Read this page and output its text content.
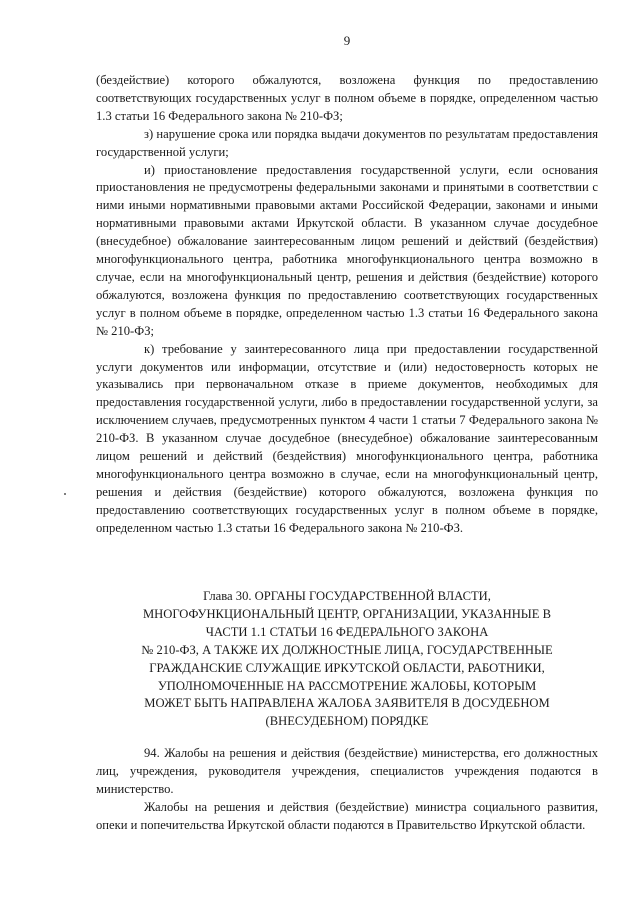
9

(бездействие) которого обжалуются, возложена функция по предоставлению соответствующих государственных услуг в полном объеме в порядке, определенном частью 1.3 статьи 16 Федерального закона № 210-ФЗ;

з) нарушение срока или порядка выдачи документов по результатам предоставления государственной услуги;

и) приостановление предоставления государственной услуги, если основания приостановления не предусмотрены федеральными законами и принятыми в соответствии с ними иными нормативными правовыми актами Российской Федерации, законами и иными нормативными правовыми актами Иркутской области. В указанном случае досудебное (внесудебное) обжалование заинтересованным лицом решений и действий (бездействия) многофункционального центра, работника многофункционального центра возможно в случае, если на многофункциональный центр, решения и действия (бездействие) которого обжалуются, возложена функция по предоставлению соответствующих государственных услуг в полном объеме в порядке, определенном частью 1.3 статьи 16 Федерального закона № 210-ФЗ;

к) требование у заинтересованного лица при предоставлении государственной услуги документов или информации, отсутствие и (или) недостоверность которых не указывались при первоначальном отказе в приеме документов, необходимых для предоставления государственной услуги, либо в предоставлении государственной услуги, за исключением случаев, предусмотренных пунктом 4 части 1 статьи 7 Федерального закона № 210-ФЗ. В указанном случае досудебное (внесудебное) обжалование заинтересованным лицом решений и действий (бездействия) многофункционального центра, работника многофункционального центра возможно в случае, если на многофункциональный центр, решения и действия (бездействие) которого обжалуются, возложена функция по предоставлению соответствующих государственных услуг в полном объеме в порядке, определенном частью 1.3 статьи 16 Федерального закона № 210-ФЗ.

Глава 30. ОРГАНЫ ГОСУДАРСТВЕННОЙ ВЛАСТИ,
МНОГОФУНКЦИОНАЛЬНЫЙ ЦЕНТР, ОРГАНИЗАЦИИ, УКАЗАННЫЕ В
ЧАСТИ 1.1 СТАТЬИ 16 ФЕДЕРАЛЬНОГО ЗАКОНА
№ 210-ФЗ, А ТАКЖЕ ИХ ДОЛЖНОСТНЫЕ ЛИЦА, ГОСУДАРСТВЕННЫЕ
ГРАЖДАНСКИЕ СЛУЖАЩИЕ ИРКУТСКОЙ ОБЛАСТИ, РАБОТНИКИ,
УПОЛНОМОЧЕННЫЕ НА РАССМОТРЕНИЕ ЖАЛОБЫ, КОТОРЫМ
МОЖЕТ БЫТЬ НАПРАВЛЕНА ЖАЛОБА ЗАЯВИТЕЛЯ В ДОСУДЕБНОМ
(ВНЕСУДЕБНОМ) ПОРЯДКЕ

94. Жалобы на решения и действия (бездействие) министерства, его должностных лиц, учреждения, руководителя учреждения, специалистов учреждения подаются в министерство.

Жалобы на решения и действия (бездействие) министра социального развития, опеки и попечительства Иркутской области подаются в Правительство Иркутской области.
